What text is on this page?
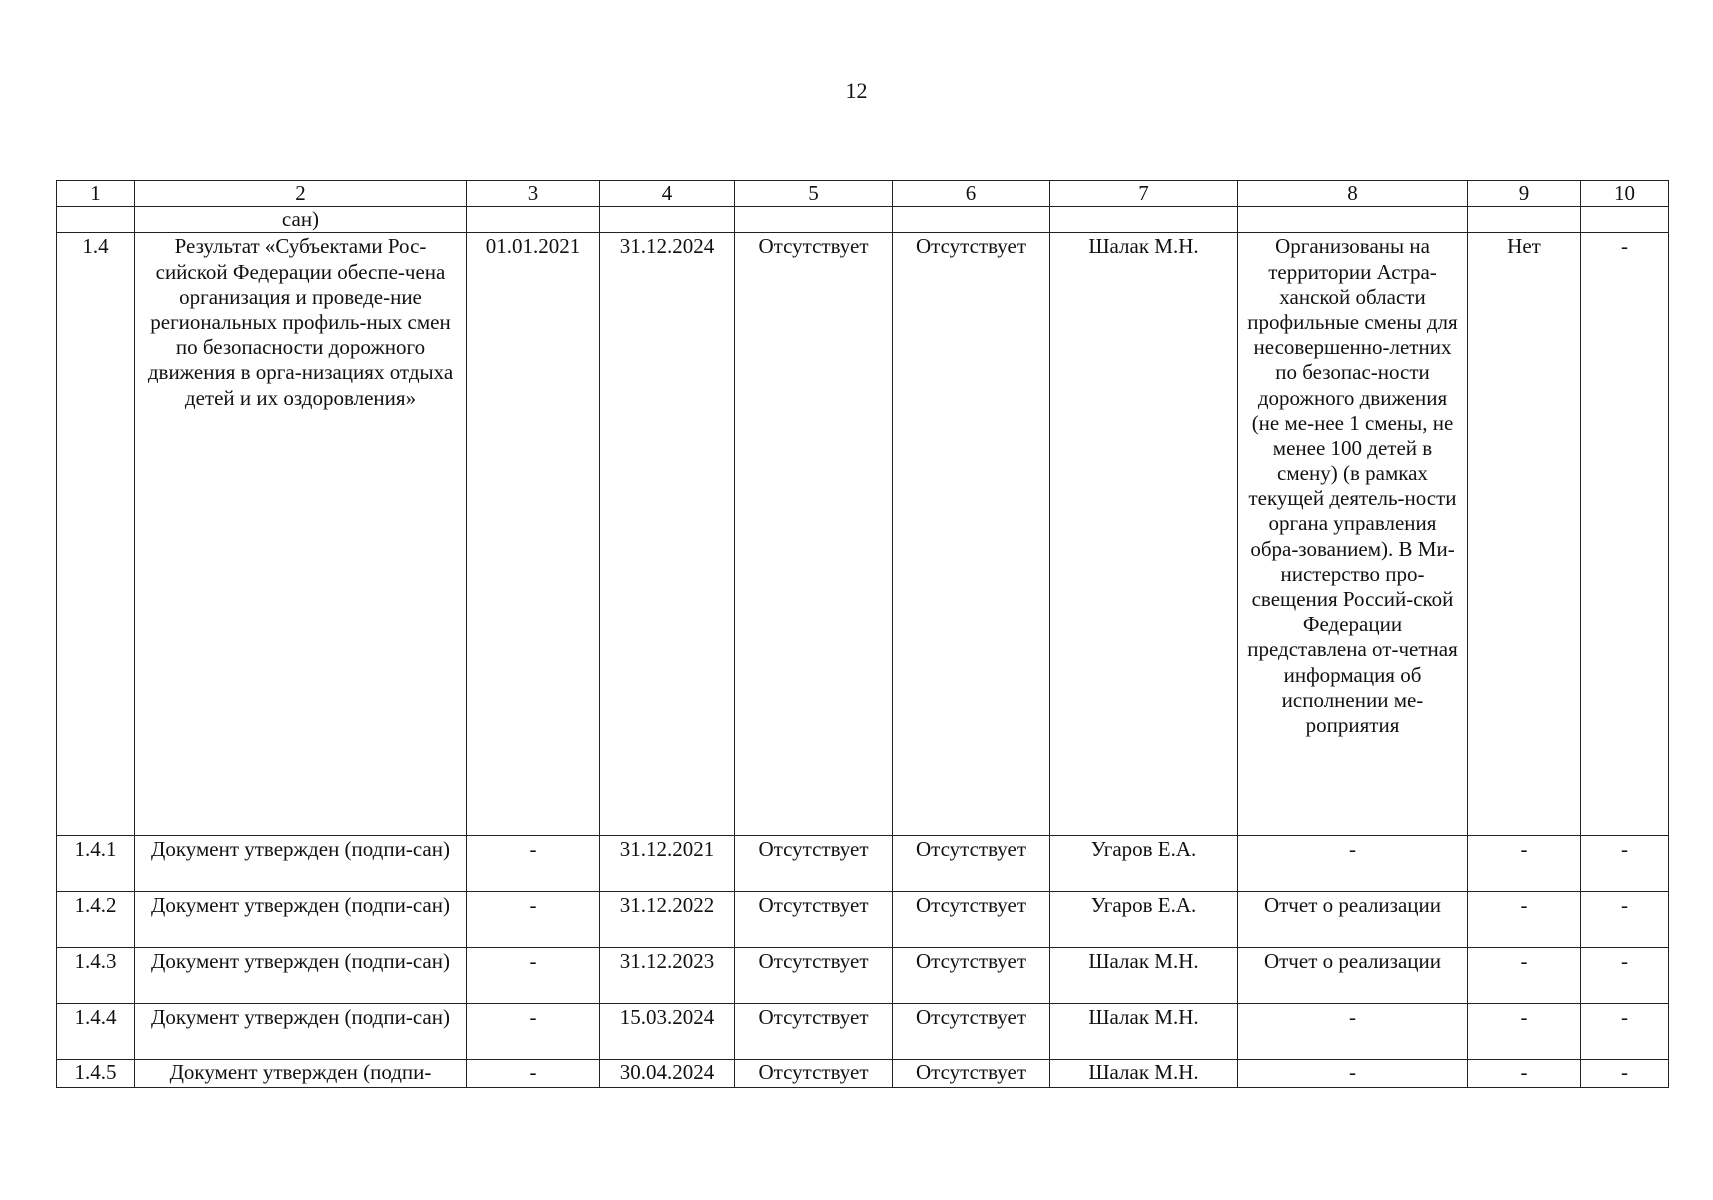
12
1	2	3	4	5	6	7	8	9	10
	сан)								
1.4	Результат «Субъектами Рос-сийской Федерации обеспе-чена организация и проведе-ние региональных профиль-ных смен по безопасности дорожного движения в орга-низациях отдыха детей и их оздоровления»	01.01.2021	31.12.2024	Отсутствует	Отсутствует	Шалак М.Н.	Организованы на территории Астра-ханской области профильные смены для несовершенно-летних по безопас-ности дорожного движения (не ме-нее 1 смены, не менее 100 детей в смену) (в рамках текущей деятель-ности органа управления обра-зованием). В Ми-нистерство про-свещения Россий-ской Федерации представлена от-четная информация об исполнении ме-роприятия	Нет	-
1.4.1	Документ утвержден (подпи-сан)	-	31.12.2021	Отсутствует	Отсутствует	Угаров Е.А.	-	-	-
1.4.2	Документ утвержден (подпи-сан)	-	31.12.2022	Отсутствует	Отсутствует	Угаров Е.А.	Отчет о реализации	-	-
1.4.3	Документ утвержден (подпи-сан)	-	31.12.2023	Отсутствует	Отсутствует	Шалак М.Н.	Отчет о реализации	-	-
1.4.4	Документ утвержден (подпи-сан)	-	15.03.2024	Отсутствует	Отсутствует	Шалак М.Н.	-	-	-
1.4.5	Документ утвержден (подпи-	-	30.04.2024	Отсутствует	Отсутствует	Шалак М.Н.	-	-	-
